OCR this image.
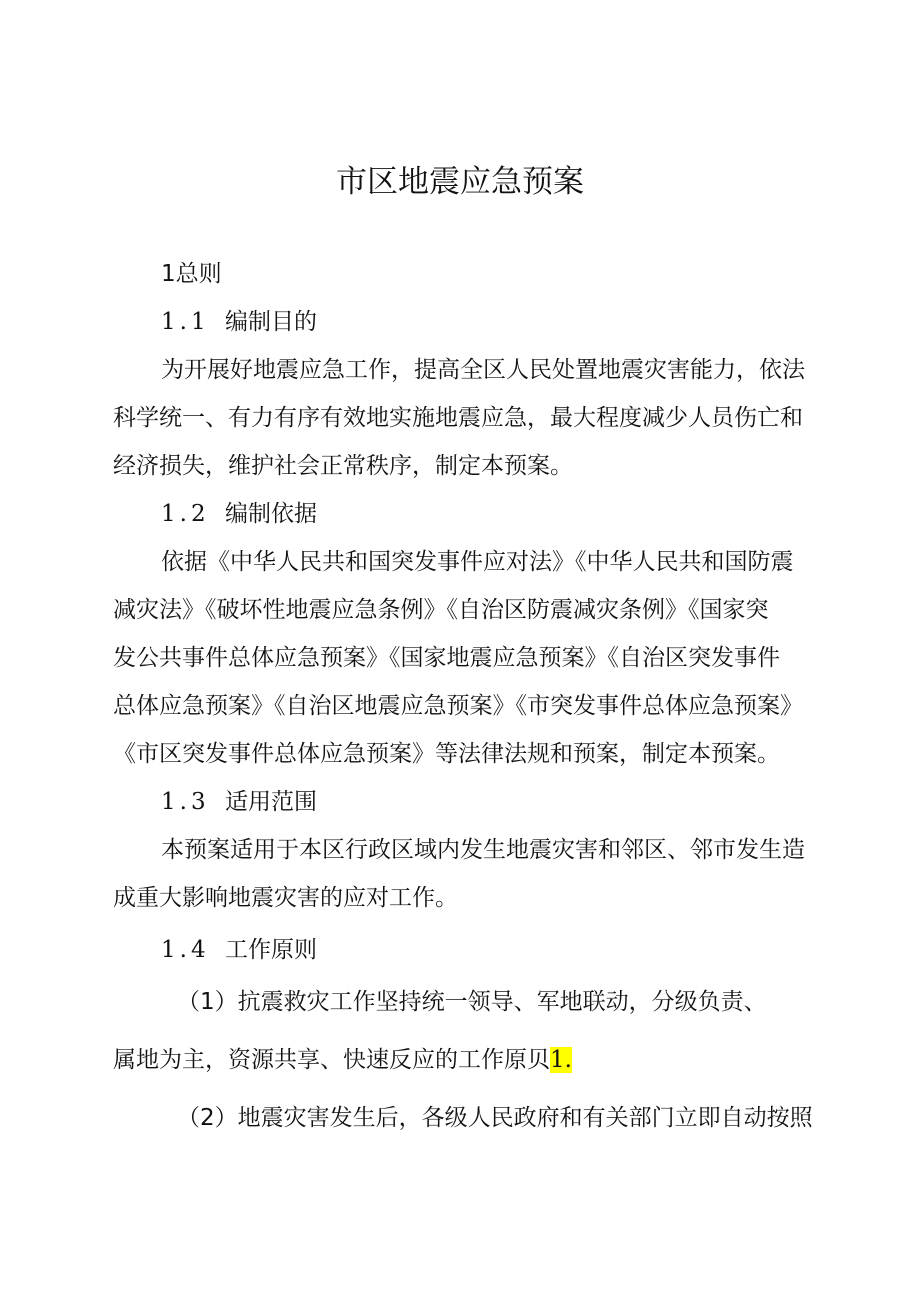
市区地震应急预案
1总则
1.1 编制目的
为开展好地震应急工作，提高全区人民处置地震灾害能力，依法
科学统一、有力有序有效地实施地震应急，最大程度减少人员伤亡和
经济损失，维护社会正常秩序，制定本预案。
1.2 编制依据
依据《中华人民共和国突发事件应对法》《中华人民共和国防震
减灾法》《破坏性地震应急条例》《自治区防震减灾条例》《国家突
发公共事件总体应急预案》《国家地震应急预案》《自治区突发事件
总体应急预案》《自治区地震应急预案》《市突发事件总体应急预案》
《市区突发事件总体应急预案》等法律法规和预案，制定本预案。
1.3 适用范围
本预案适用于本区行政区域内发生地震灾害和邻区、邻市发生造
成重大影响地震灾害的应对工作。
1.4 工作原则
（1）抗震救灾工作坚持统一领导、军地联动，分级负责、
属地为主，资源共享、快速反应的工作原贝1.
（2）地震灾害发生后，各级人民政府和有关部门立即自动按照
